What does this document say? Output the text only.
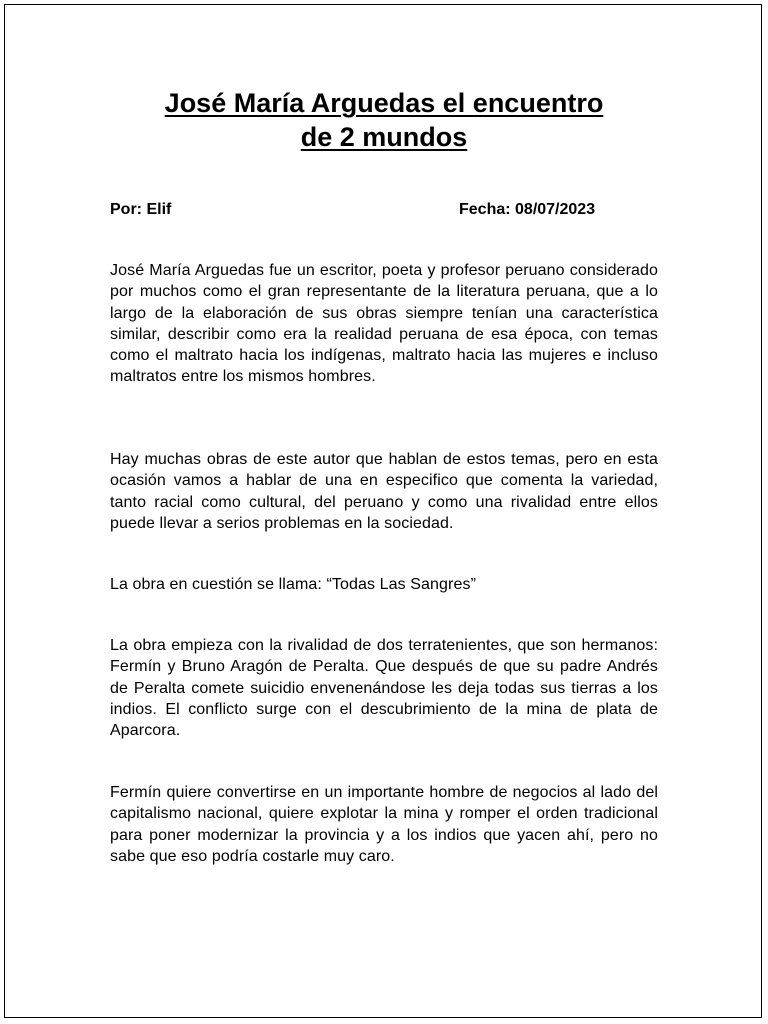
José María Arguedas el encuentro
de 2 mundos
Por: Elif	Fecha: 08/07/2023

José María Arguedas fue un escritor, poeta y profesor peruano considerado por muchos como el gran representante de la literatura peruana, que a lo largo de la elaboración de sus obras siempre tenían una característica similar, describir como era la realidad peruana de esa época, con temas como el maltrato hacia los indígenas, maltrato hacia las mujeres e incluso maltratos entre los mismos hombres.

Hay muchas obras de este autor que hablan de estos temas, pero en esta ocasión vamos a hablar de una en especifico que comenta la variedad, tanto racial como cultural, del peruano y como una rivalidad entre ellos puede llevar a serios problemas en la sociedad.

La obra en cuestión se llama: “Todas Las Sangres”

La obra empieza con la rivalidad de dos terratenientes, que son hermanos: Fermín y Bruno Aragón de Peralta. Que después de que su padre Andrés de Peralta comete suicidio envenenándose les deja todas sus tierras a los indios. El conflicto surge con el descubrimiento de la mina de plata de Aparcora.

Fermín quiere convertirse en un importante hombre de negocios al lado del capitalismo nacional, quiere explotar la mina y romper el orden tradicional para poner modernizar la provincia y a los indios que yacen ahí, pero no sabe que eso podría costarle muy caro.
